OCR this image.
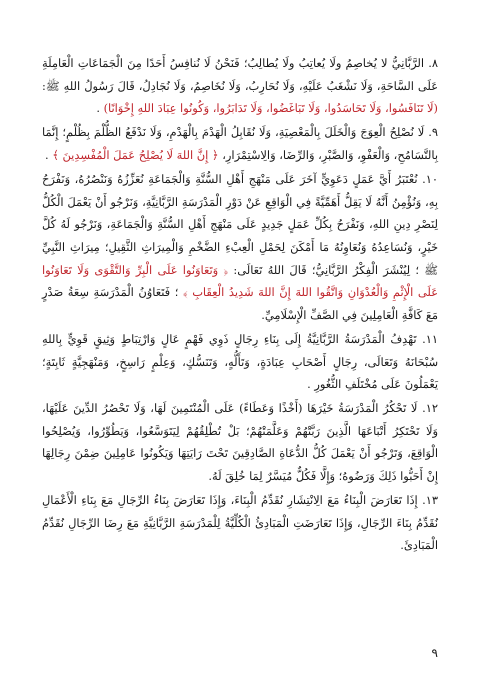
٨. الرَّبَّانِيُّ لا يُخاصِمُ ولَا يُعاتِبُ ولَا يُطالِبُ؛ فَنَحْنُ لَا نُنافِسُ أَحَدًا مِنَ الْجَمَاعَاتِ الْعَامِلَةِ عَلَى السَّاحَةِ، وَلَا نَشْغَبُ عَلَيْهِ، وَلَا نُحَارِبُ، وَلَا نُخَاصِمُ، وَلَا نُجَادِلُ، قَالَ رَسُولُ اللهِ ﷺ: (لَا تَنَافَسُوا، وَلَا تَحَاسَدُوا، وَلَا تَبَاغَضُوا، وَلَا تَدَابَرُوا، وَكُونُوا عِبَادَ اللهِ إِخْوَانًا) .

٩. لَا نُصْلِحُ الْعِوَجَ وَالْخَلَلَ بِالْمَعْصِيَةِ، وَلَا نُقَابِلُ الْهَدْمَ بِالْهَدْمِ، وَلَا نَدْفَعُ الظُّلْمَ بِظُلْمٍ؛ إِنَّمَا بِالتَّسَامُحِ، وَالْعَفْوِ، وَالصَّبْرِ، وَالرِّضَا، وَالِاسْتِمْرَارِ، ﴿ إِنَّ اللهَ لَا يُصْلِحُ عَمَلَ الْمُفْسِدِينَ ﴾ .

١٠. نُعْتَبَرُ أَيَّ عَمَلٍ دَعَوِيٍّ آخَرَ عَلَى مَنْهَجِ أَهْلِ السُّنَّةِ وَالْجَمَاعَةِ نُعَزِّزُهُ وَنَنْصُرُهُ، وَنَفْرَحُ بِهِ، وَنُؤْمِنُ أَنَّهُ لَا يَقِلُّ أَهَمِّيَّةً فِي الْوَاقِعِ عَنْ دَوْرِ الْمَدْرَسَةِ الرَّبَّانِيَّةِ، وَنَرْجُو أَنْ يَعْمَلَ الْكُلُّ لِنَصْرِ دِينِ اللهِ، وَنَفْرَحُ بِكُلِّ عَمَلٍ جَدِيدٍ عَلَى مَنْهَجِ أَهْلِ السُّنَّةِ وَالْجَمَاعَةِ، وَنَرْجُو لَهُ كُلَّ خَيْرٍ، وَنُسَاعِدُهُ وَنُعَاوِنُهُ مَا أَمْكَنَ لِحَمْلِ الْعِبْءِ الضَّخْمِ وَالْمِيرَاثِ الثَّقِيلِ؛ مِيرَاثِ النَّبِيِّ ﷺ ؛ لِيُنْشَرَ الْفِكْرُ الرَّبَّانِيُّ؛ قَالَ اللهُ تَعَالَى: ﴿ وَتَعَاوَنُوا عَلَى الْبِرِّ وَالتَّقْوَى وَلَا تَعَاوَنُوا عَلَى الْإِثْمِ وَالْعُدْوَانِ وَاتَّقُوا اللهَ إِنَّ اللهَ شَدِيدُ الْعِقَابِ ﴾ ؛ فَتَعَاوُنُ الْمَدْرَسَةِ سِعَةُ صَدْرٍ مَعَ كَافَّةِ الْعَامِلِينَ فِي الصَّفِّ الْإِسْلَامِيِّ.

١١. تَهْدِفُ الْمَدْرَسَةُ الرَّبَّانِيَّةُ إِلَى بِنَاءِ رِجَالٍ ذَوِي فَهْمٍ عَالٍ وَارْتِبَاطٍ وَثِيقٍ قَوِيٍّ بِاللهِ سُبْحَانَهُ وَتَعَالَى، رِجَالٍ أَصْحَابِ عِبَادَةٍ، وَتَأَلُّهٍ، وَتَنَسُّكٍ، وَعِلْمٍ رَاسِخٍ، وَمَنْهَجِيَّةٍ ثَابِتَةٍ؛ يَعْمَلُونَ عَلَى مُخْتَلَفِ الثُّغُورِ .

١٢. لَا تَحْكُرُ الْمَدْرَسَةُ خَيْرَهَا (أَخْذًا وَعَطَاءً) عَلَى الْمُنْتَمِينَ لَهَا، وَلَا تَحْصُرُ الدِّينَ عَلَيْهَا، وَلَا تَحْتَكِرُ أَتْبَاعَهَا الَّذِينَ رَبَّتْهُمْ وَعَلَّمَتْهُمْ؛ بَلْ تُطْلِقُهُمْ لِيَتَوَسَّعُوا، وَيَطُوِّرُوا، وَيُصْلِحُوا الْوَاقِعَ، وَتَرْجُو أَنْ يَعْمَلَ كُلُّ الدُّعَاةِ الصَّادِقِينَ تَحْتَ رَايَتِهَا وَيَكُونُوا عَامِلِينَ ضِمْنَ رِجَالِهَا إِنْ أَحَبُّوا ذَلِكَ وَرَضُوهُ؛ وَإِلَّا فَكُلٌّ مُيَسَّرٌ لِمَا خُلِقَ لَهُ.

١٣. إِذَا تَعَارَضَ الْبِنَاءُ مَعَ الِانْتِشَارِ نُقَدِّمُ الْبِنَاءَ، وَإِذَا تَعَارَضَ بِنَاءُ الرِّجَالِ مَعَ بِنَاءِ الْأَعْمَالِ نُقَدِّمُ بِنَاءَ الرِّجَالِ، وَإِذَا تَعَارَضَتِ الْمَبَادِئُ الْكُلِّيَّةُ لِلْمَدْرَسَةِ الرَّبَّانِيَّةِ مَعَ رِضَا الرِّجَالِ نُقَدِّمُ الْمَبَادِئَ.

٩
